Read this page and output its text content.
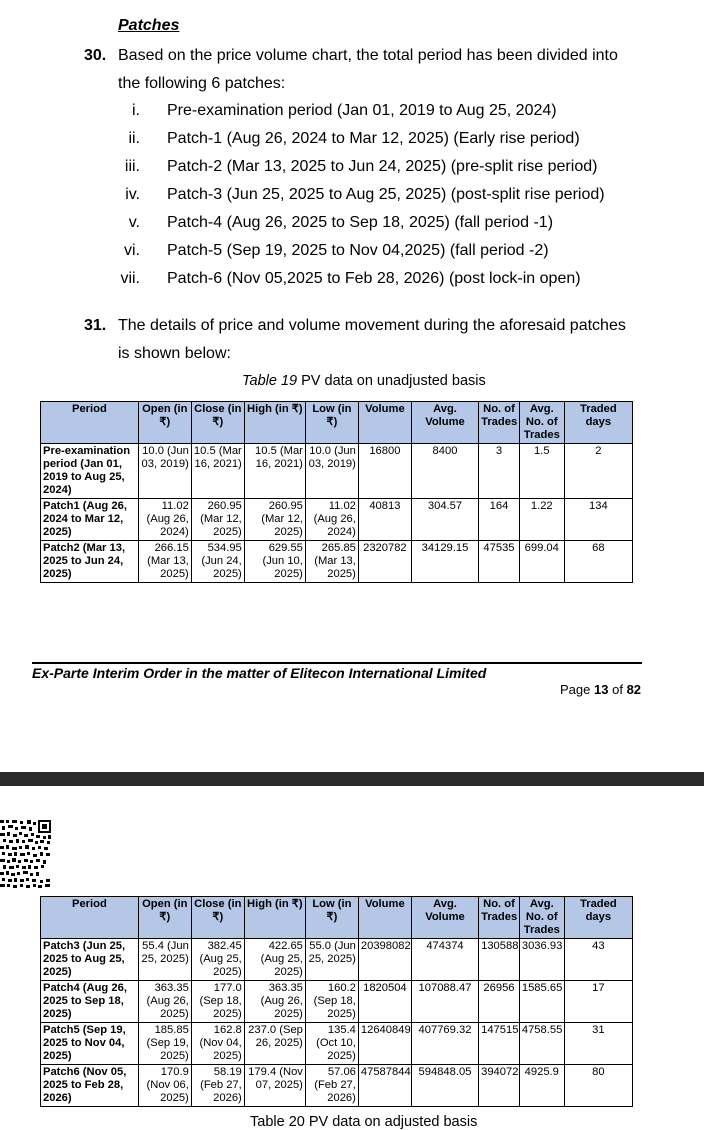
Patches
30. Based on the price volume chart, the total period has been divided into
the following 6 patches:
i. Pre-examination period (Jan 01, 2019 to Aug 25, 2024)
ii. Patch-1 (Aug 26, 2024 to Mar 12, 2025) (Early rise period)
iii. Patch-2 (Mar 13, 2025 to Jun 24, 2025) (pre-split rise period)
iv. Patch-3 (Jun 25, 2025 to Aug 25, 2025) (post-split rise period)
v. Patch-4 (Aug 26, 2025 to Sep 18, 2025) (fall period -1)
vi. Patch-5 (Sep 19, 2025 to Nov 04,2025) (fall period -2)
vii. Patch-6 (Nov 05,2025 to Feb 28, 2026) (post lock-in open)
31. The details of price and volume movement during the aforesaid patches
is shown below:
Table 19 PV data on unadjusted basis
Period	Open (in ₹)	Close (in ₹)	High (in ₹)	Low (in ₹)	Volume	Avg. Volume	No. of Trades	Avg. No. of Trades	Traded days
Pre-examination period (Jan 01, 2019 to Aug 25, 2024)	10.0 (Jun 03, 2019)	10.5 (Mar 16, 2021)	10.5 (Mar 16, 2021)	10.0 (Jun 03, 2019)	16800	8400	3	1.5	2
Patch1 (Aug 26, 2024 to Mar 12, 2025)	11.02 (Aug 26, 2024)	260.95 (Mar 12, 2025)	260.95 (Mar 12, 2025)	11.02 (Aug 26, 2024)	40813	304.57	164	1.22	134
Patch2 (Mar 13, 2025 to Jun 24, 2025)	266.15 (Mar 13, 2025)	534.95 (Jun 24, 2025)	629.55 (Jun 10, 2025)	265.85 (Mar 13, 2025)	2320782	34129.15	47535	699.04	68
Ex-Parte Interim Order in the matter of Elitecon International Limited
Page 13 of 82
Period	Open (in ₹)	Close (in ₹)	High (in ₹)	Low (in ₹)	Volume	Avg. Volume	No. of Trades	Avg. No. of Trades	Traded days
Patch3 (Jun 25, 2025 to Aug 25, 2025)	55.4 (Jun 25, 2025)	382.45 (Aug 25, 2025)	422.65 (Aug 25, 2025)	55.0 (Jun 25, 2025)	20398082	474374	130588	3036.93	43
Patch4 (Aug 26, 2025 to Sep 18, 2025)	363.35 (Aug 26, 2025)	177.0 (Sep 18, 2025)	363.35 (Aug 26, 2025)	160.2 (Sep 18, 2025)	1820504	107088.47	26956	1585.65	17
Patch5 (Sep 19, 2025 to Nov 04, 2025)	185.85 (Sep 19, 2025)	162.8 (Nov 04, 2025)	237.0 (Sep 26, 2025)	135.4 (Oct 10, 2025)	12640849	407769.32	147515	4758.55	31
Patch6 (Nov 05, 2025 to Feb 28, 2026)	170.9 (Nov 06, 2025)	58.19 (Feb 27, 2026)	179.4 (Nov 07, 2025)	57.06 (Feb 27, 2026)	47587844	594848.05	394072	4925.9	80
Table 20 PV data on adjusted basis
